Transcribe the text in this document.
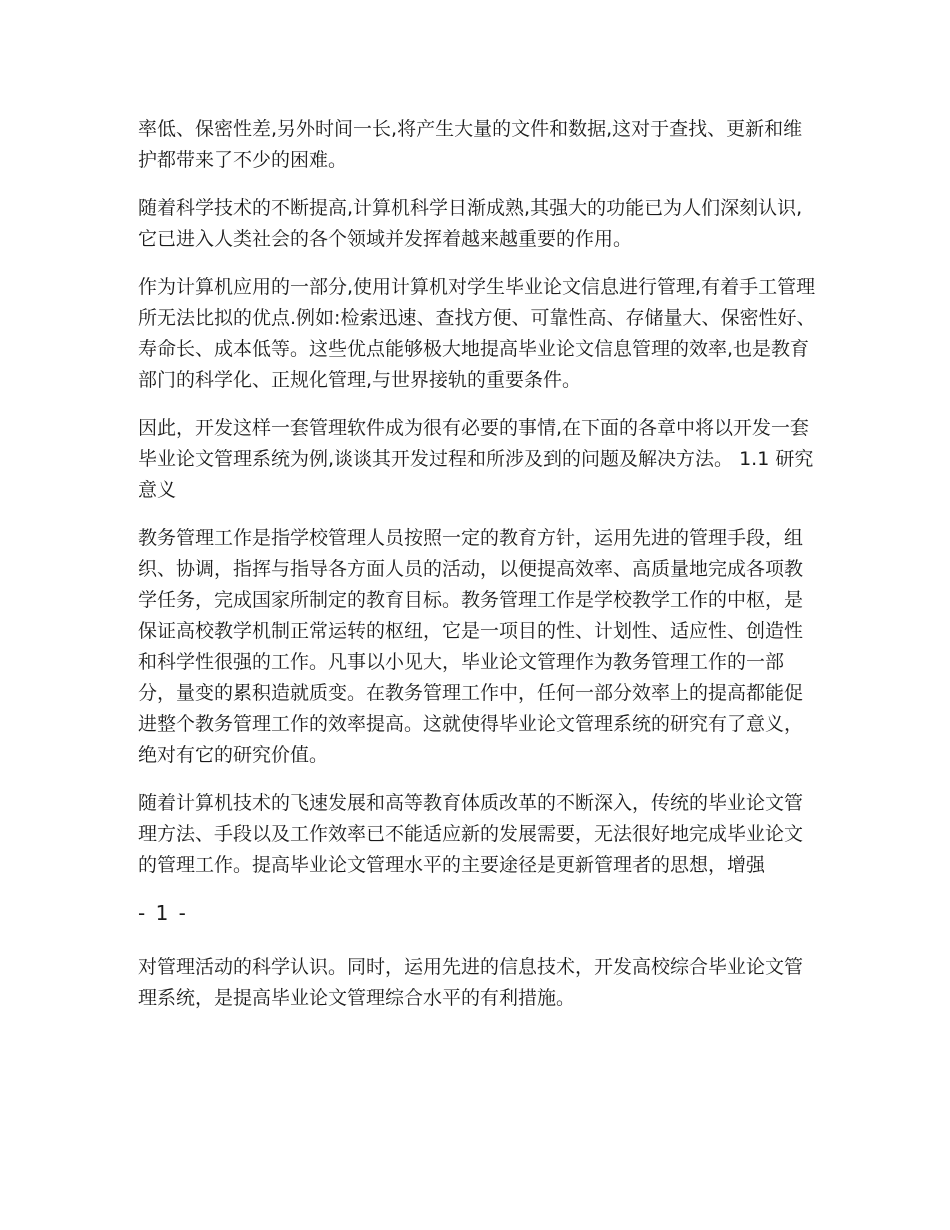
率低、保密性差,另外时间一长,将产生大量的文件和数据,这对于查找、更新和维护都带来了不少的困难。

随着科学技术的不断提高,计算机科学日渐成熟,其强大的功能已为人们深刻认识,它已进入人类社会的各个领域并发挥着越来越重要的作用。

作为计算机应用的一部分,使用计算机对学生毕业论文信息进行管理,有着手工管理所无法比拟的优点.例如:检索迅速、查找方便、可靠性高、存储量大、保密性好、寿命长、成本低等。这些优点能够极大地提高毕业论文信息管理的效率,也是教育部门的科学化、正规化管理,与世界接轨的重要条件。

因此，开发这样一套管理软件成为很有必要的事情,在下面的各章中将以开发一套毕业论文管理系统为例,谈谈其开发过程和所涉及到的问题及解决方法。 1.1 研究意义

教务管理工作是指学校管理人员按照一定的教育方针，运用先进的管理手段，组织、协调，指挥与指导各方面人员的活动，以便提高效率、高质量地完成各项教学任务，完成国家所制定的教育目标。教务管理工作是学校教学工作的中枢，是保证高校教学机制正常运转的枢纽，它是一项目的性、计划性、适应性、创造性和科学性很强的工作。凡事以小见大，毕业论文管理作为教务管理工作的一部分，量变的累积造就质变。在教务管理工作中，任何一部分效率上的提高都能促进整个教务管理工作的效率提高。这就使得毕业论文管理系统的研究有了意义，绝对有它的研究价值。

随着计算机技术的飞速发展和高等教育体质改革的不断深入，传统的毕业论文管理方法、手段以及工作效率已不能适应新的发展需要，无法很好地完成毕业论文的管理工作。提高毕业论文管理水平的主要途径是更新管理者的思想，增强

- 1 -

对管理活动的科学认识。同时，运用先进的信息技术，开发高校综合毕业论文管理系统，是提高毕业论文管理综合水平的有利措施。
